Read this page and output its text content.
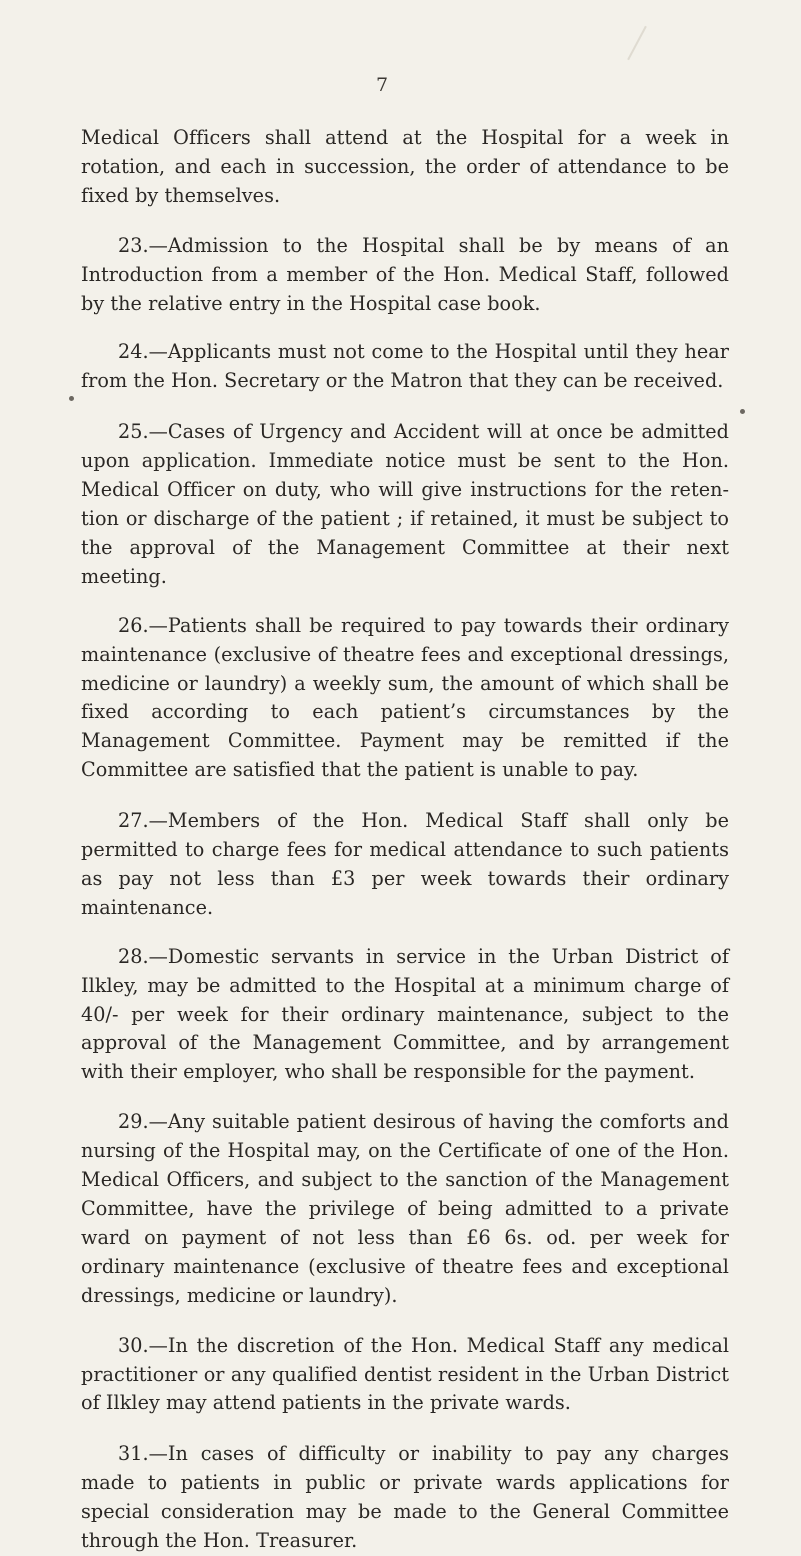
7

Medical Officers shall attend at the Hospital for a week in rotation, and each in succession, the order of attendance to be fixed by themselves.

23.—Admission to the Hospital shall be by means of an Introduction from a member of the Hon. Medical Staff, followed by the relative entry in the Hospital case book.

24.—Applicants must not come to the Hospital until they hear from the Hon. Secretary or the Matron that they can be received.

25.—Cases of Urgency and Accident will at once be admitted upon application. Immediate notice must be sent to the Hon. Medical Officer on duty, who will give instructions for the retention or discharge of the patient ; if retained, it must be subject to the approval of the Management Committee at their next meeting.

26.—Patients shall be required to pay towards their ordinary maintenance (exclusive of theatre fees and exceptional dressings, medicine or laundry) a weekly sum, the amount of which shall be fixed according to each patient’s circumstances by the Management Committee. Payment may be remitted if the Committee are satisfied that the patient is unable to pay.

27.—Members of the Hon. Medical Staff shall only be permitted to charge fees for medical attendance to such patients as pay not less than £3 per week towards their ordinary maintenance.

28.—Domestic servants in service in the Urban District of Ilkley, may be admitted to the Hospital at a minimum charge of 40/- per week for their ordinary maintenance, subject to the approval of the Management Committee, and by arrangement with their employer, who shall be responsible for the payment.

29.—Any suitable patient desirous of having the comforts and nursing of the Hospital may, on the Certificate of one of the Hon. Medical Officers, and subject to the sanction of the Management Committee, have the privilege of being admitted to a private ward on payment of not less than £6 6s. od. per week for ordinary maintenance (exclusive of theatre fees and exceptional dressings, medicine or laundry).

30.—In the discretion of the Hon. Medical Staff any medical practitioner or any qualified dentist resident in the Urban District of Ilkley may attend patients in the private wards.

31.—In cases of difficulty or inability to pay any charges made to patients in public or private wards applications for special consideration may be made to the General Committee through the Hon. Treasurer.
